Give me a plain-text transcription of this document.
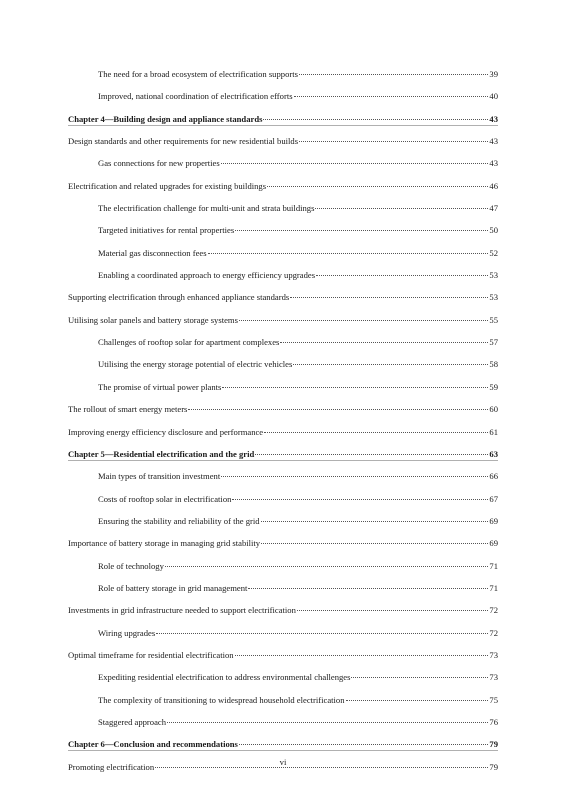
The need for a broad ecosystem of electrification supports	39
Improved, national coordination of electrification efforts	40
Chapter 4—Building design and appliance standards	43
Design standards and other requirements for new residential builds	43
Gas connections for new properties	43
Electrification and related upgrades for existing buildings	46
The electrification challenge for multi-unit and strata buildings	47
Targeted initiatives for rental properties	50
Material gas disconnection fees	52
Enabling a coordinated approach to energy efficiency upgrades	53
Supporting electrification through enhanced appliance standards	53
Utilising solar panels and battery storage systems	55
Challenges of rooftop solar for apartment complexes	57
Utilising the energy storage potential of electric vehicles	58
The promise of virtual power plants	59
The rollout of smart energy meters	60
Improving energy efficiency disclosure and performance	61
Chapter 5—Residential electrification and the grid	63
Main types of transition investment	66
Costs of rooftop solar in electrification	67
Ensuring the stability and reliability of the grid	69
Importance of battery storage in managing grid stability	69
Role of technology	71
Role of battery storage in grid management	71
Investments in grid infrastructure needed to support electrification	72
Wiring upgrades	72
Optimal timeframe for residential electrification	73
Expediting residential electrification to address environmental challenges	73
The complexity of transitioning to widespread household electrification	75
Staggered approach	76
Chapter 6—Conclusion and recommendations	79
Promoting electrification	79
vi
